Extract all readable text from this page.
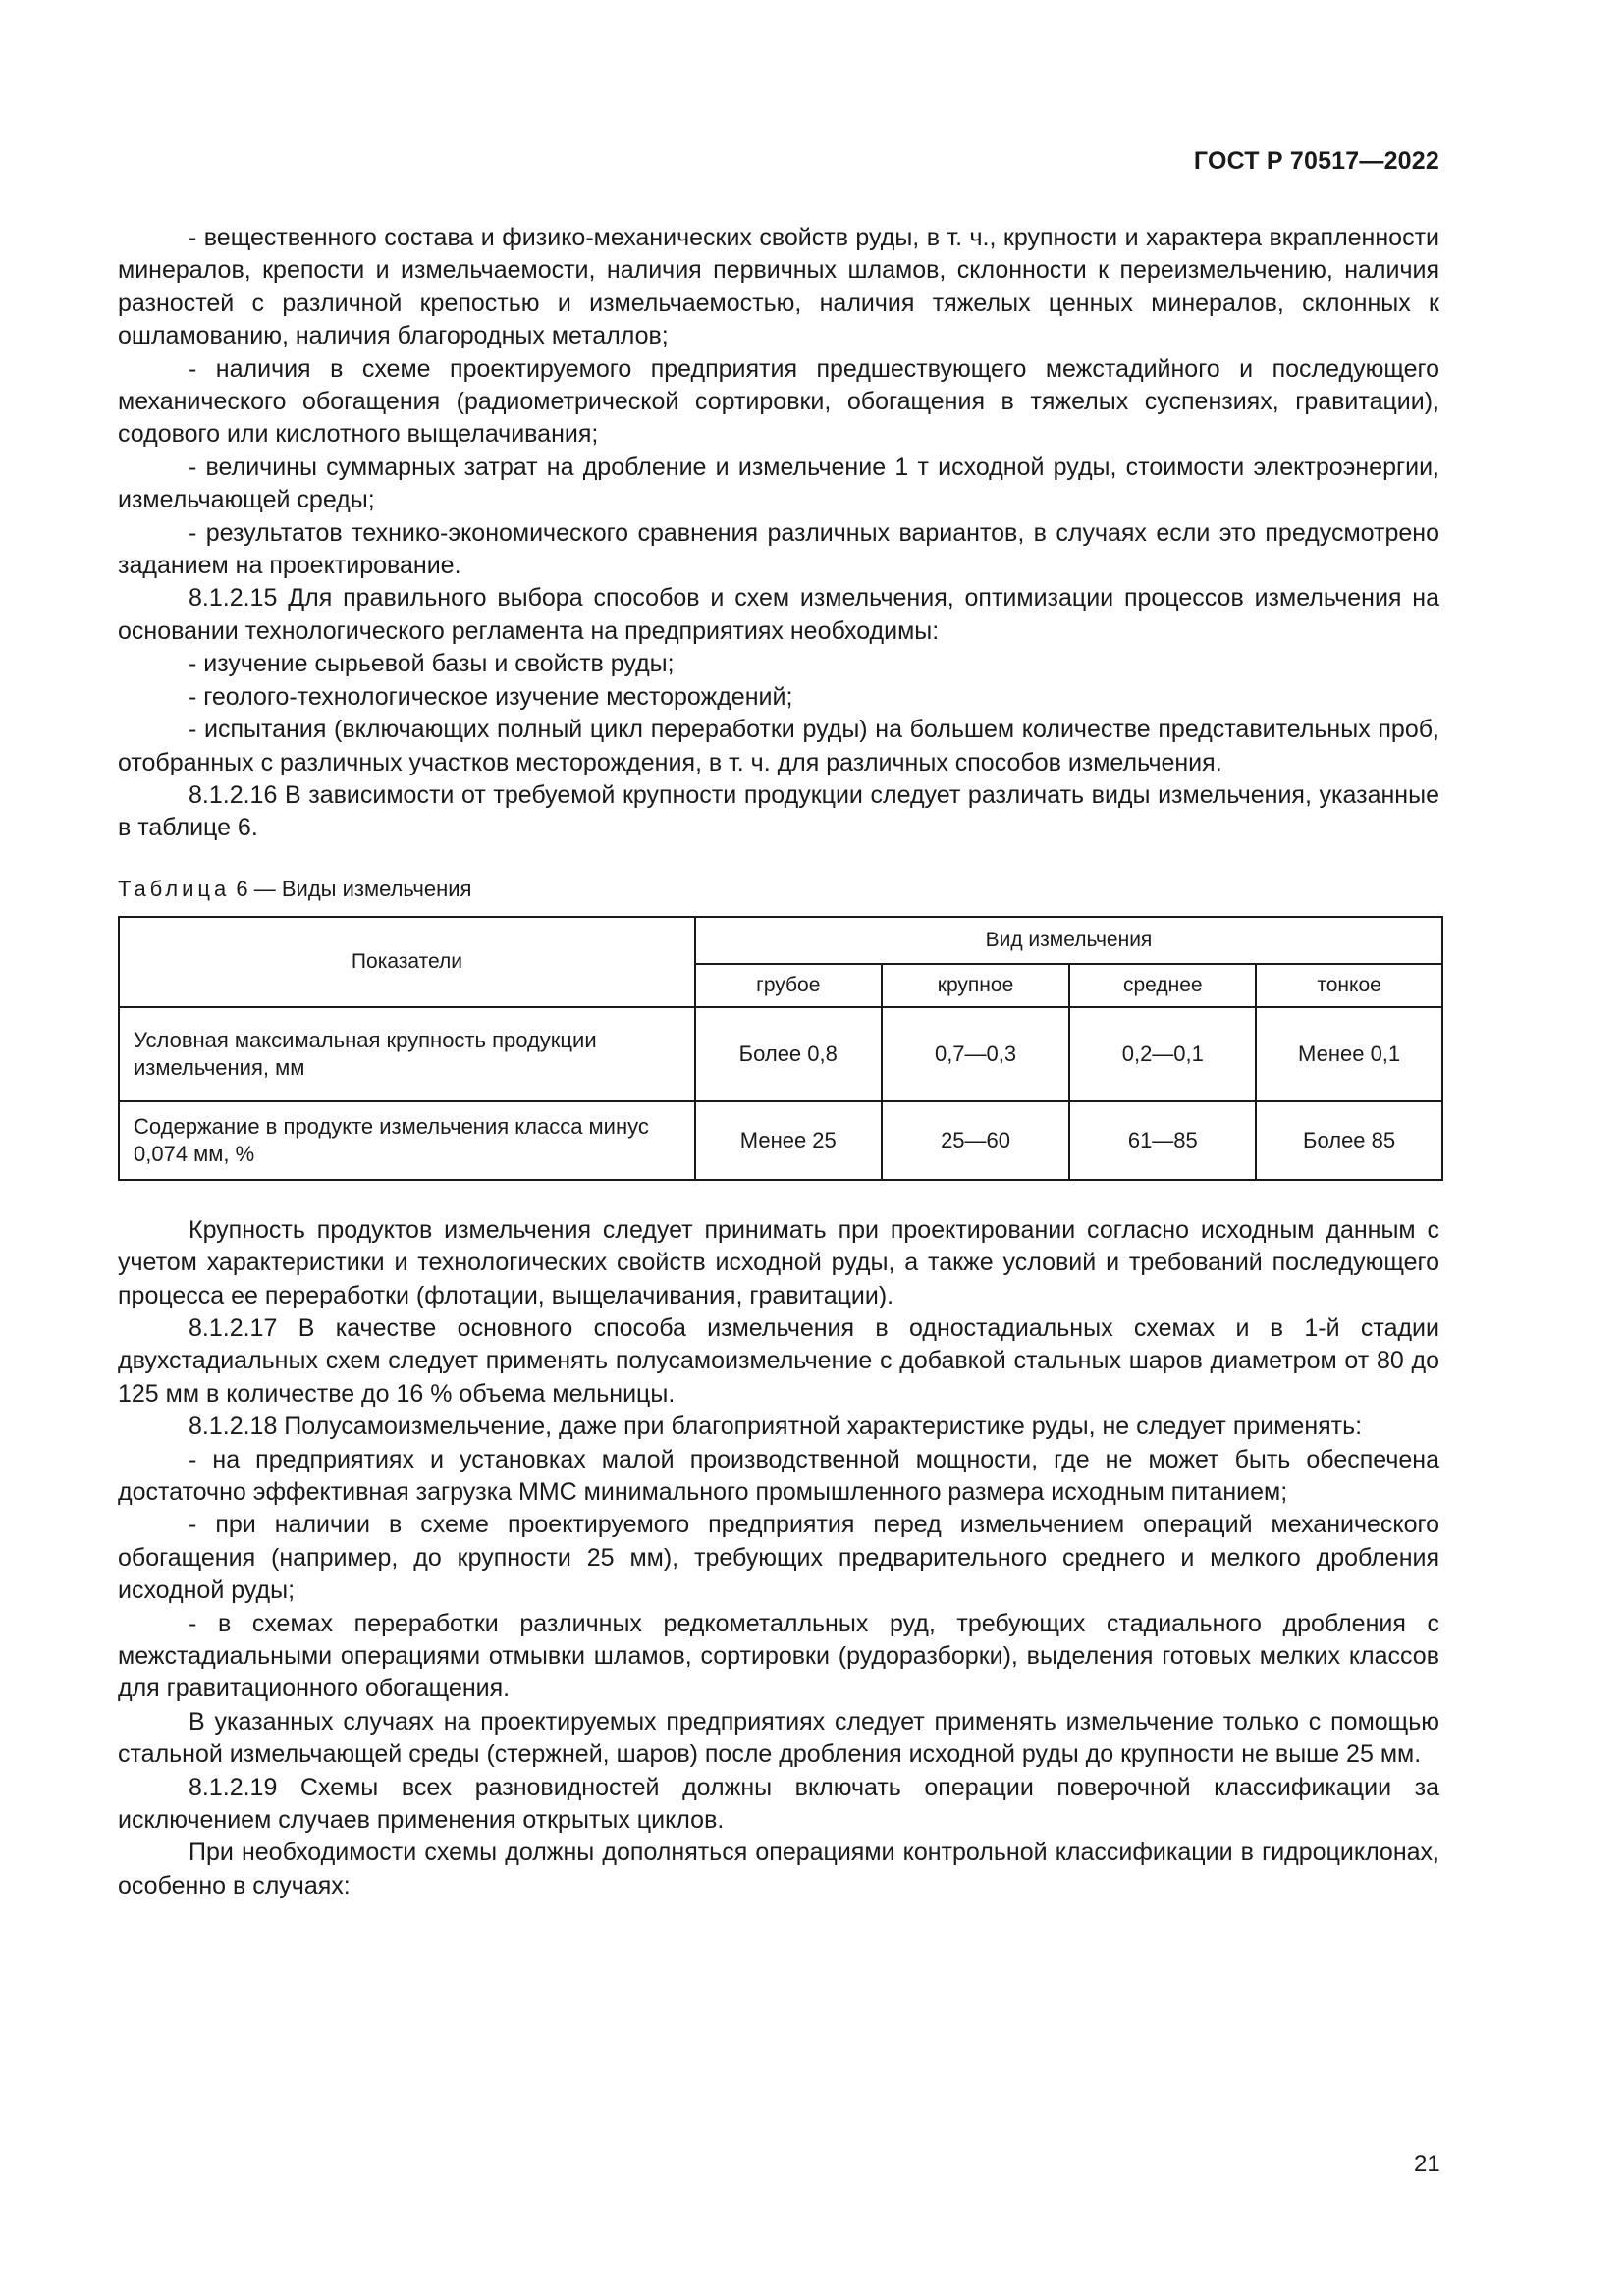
ГОСТ Р 70517—2022

- вещественного состава и физико-механических свойств руды, в т. ч., крупности и характера вкрапленности минералов, крепости и измельчаемости, наличия первичных шламов, склонности к переизмельчению, наличия разностей с различной крепостью и измельчаемостью, наличия тяжелых ценных минералов, склонных к ошламованию, наличия благородных металлов;

- наличия в схеме проектируемого предприятия предшествующего межстадийного и последующего механического обогащения (радиометрической сортировки, обогащения в тяжелых суспензиях, гравитации), содового или кислотного выщелачивания;

- величины суммарных затрат на дробление и измельчение 1 т исходной руды, стоимости электроэнергии, измельчающей среды;

- результатов технико-экономического сравнения различных вариантов, в случаях если это предусмотрено заданием на проектирование.

8.1.2.15 Для правильного выбора способов и схем измельчения, оптимизации процессов измельчения на основании технологического регламента на предприятиях необходимы:

- изучение сырьевой базы и свойств руды;

- геолого-технологическое изучение месторождений;

- испытания (включающих полный цикл переработки руды) на большем количестве представительных проб, отобранных с различных участков месторождения, в т. ч. для различных способов измельчения.

8.1.2.16 В зависимости от требуемой крупности продукции следует различать виды измельчения, указанные в таблице 6.

Таблица 6 — Виды измельчения
Показатели	Вид измельчения			
	грубое	крупное	среднее	тонкое
Условная максимальная крупность продукции измельчения, мм	Более 0,8	0,7—0,3	0,2—0,1	Менее 0,1
Содержание в продукте измельчения класса минус 0,074 мм, %	Менее 25	25—60	61—85	Более 85

Крупность продуктов измельчения следует принимать при проектировании согласно исходным данным с учетом характеристики и технологических свойств исходной руды, а также условий и требований последующего процесса ее переработки (флотации, выщелачивания, гравитации).

8.1.2.17 В качестве основного способа измельчения в одностадиальных схемах и в 1-й стадии двухстадиальных схем следует применять полусамоизмельчение с добавкой стальных шаров диаметром от 80 до 125 мм в количестве до 16 % объема мельницы.

8.1.2.18 Полусамоизмельчение, даже при благоприятной характеристике руды, не следует применять:

- на предприятиях и установках малой производственной мощности, где не может быть обеспечена достаточно эффективная загрузка ММС минимального промышленного размера исходным питанием;

- при наличии в схеме проектируемого предприятия перед измельчением операций механического обогащения (например, до крупности 25 мм), требующих предварительного среднего и мелкого дробления исходной руды;

- в схемах переработки различных редкометалльных руд, требующих стадиального дробления с межстадиальными операциями отмывки шламов, сортировки (рудоразборки), выделения готовых мелких классов для гравитационного обогащения.

В указанных случаях на проектируемых предприятиях следует применять измельчение только с помощью стальной измельчающей среды (стержней, шаров) после дробления исходной руды до крупности не выше 25 мм.

8.1.2.19 Схемы всех разновидностей должны включать операции поверочной классификации за исключением случаев применения открытых циклов.

При необходимости схемы должны дополняться операциями контрольной классификации в гидроциклонах, особенно в случаях:

21
